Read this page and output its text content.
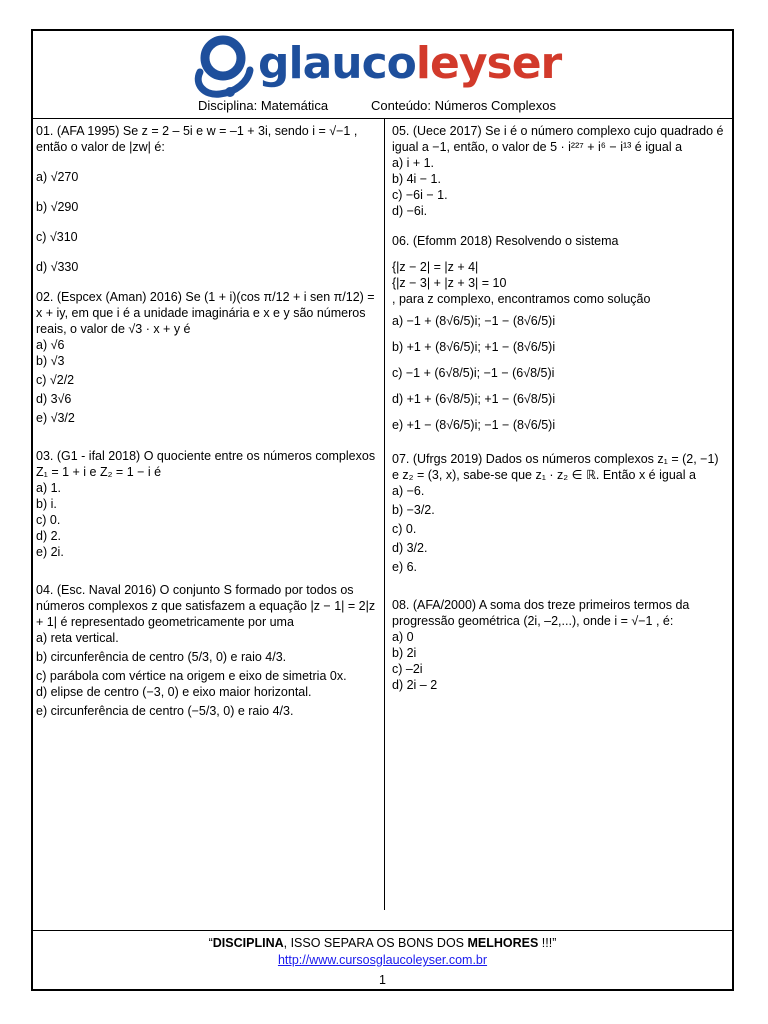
glaucoleyser
Disciplina: Matemática	Conteúdo: Números Complexos
01. (AFA 1995) Se z = 2 – 5i e w = –1 + 3i, sendo i = √−1 , então o valor de |zw| é:
a) √270
b) √290
c) √310
d) √330
02. (Espcex (Aman) 2016) Se (1 + i)(cos π/12 + i sen π/12) = x + iy, em que i é a unidade imaginária e x e y são números reais, o valor de √3 · x + y é
a) √6
b) √3
c) √2/2
d) 3√6
e) √3/2
03. (G1 - ifal 2018) O quociente entre os números complexos Z₁ = 1 + i e Z₂ = 1 − i é
a) 1.
b) i.
c) 0.
d) 2.
e) 2i.
04. (Esc. Naval 2016) O conjunto S formado por todos os números complexos z que satisfazem a equação |z − 1| = 2|z + 1| é representado geometricamente por uma
a) reta vertical.
b) circunferência de centro (5/3, 0) e raio 4/3.
c) parábola com vértice na origem e eixo de simetria 0x.
d) elipse de centro (−3, 0) e eixo maior horizontal.
e) circunferência de centro (−5/3, 0) e raio 4/3.
05. (Uece 2017) Se i é o número complexo cujo quadrado é igual a −1, então, o valor de 5 · i²²⁷ + i⁶ − i¹³ é igual a
a) i + 1.
b) 4i − 1.
c) −6i − 1.
d) −6i.
06. (Efomm 2018) Resolvendo o sistema
{|z − 2| = |z + 4|
{|z − 3| + |z + 3| = 10
, para z complexo, encontramos como solução
a) −1 + (8√6/5)i; −1 − (8√6/5)i
b) +1 + (8√6/5)i; +1 − (8√6/5)i
c) −1 + (6√8/5)i; −1 − (6√8/5)i
d) +1 + (6√8/5)i; +1 − (6√8/5)i
e) +1 − (8√6/5)i; −1 − (8√6/5)i
07. (Ufrgs 2019) Dados os números complexos z₁ = (2, −1) e z₂ = (3, x), sabe-se que z₁ · z₂ ∈ ℝ. Então x é igual a
a) −6.
b) −3/2.
c) 0.
d) 3/2.
e) 6.
08. (AFA/2000) A soma dos treze primeiros termos da progressão geométrica (2i, –2,...), onde i = √−1 , é:
a) 0
b) 2i
c) –2i
d) 2i – 2
“DISCIPLINA, ISSO SEPARA OS BONS DOS MELHORES !!!”
http://www.cursosglaucoleyser.com.br
1
